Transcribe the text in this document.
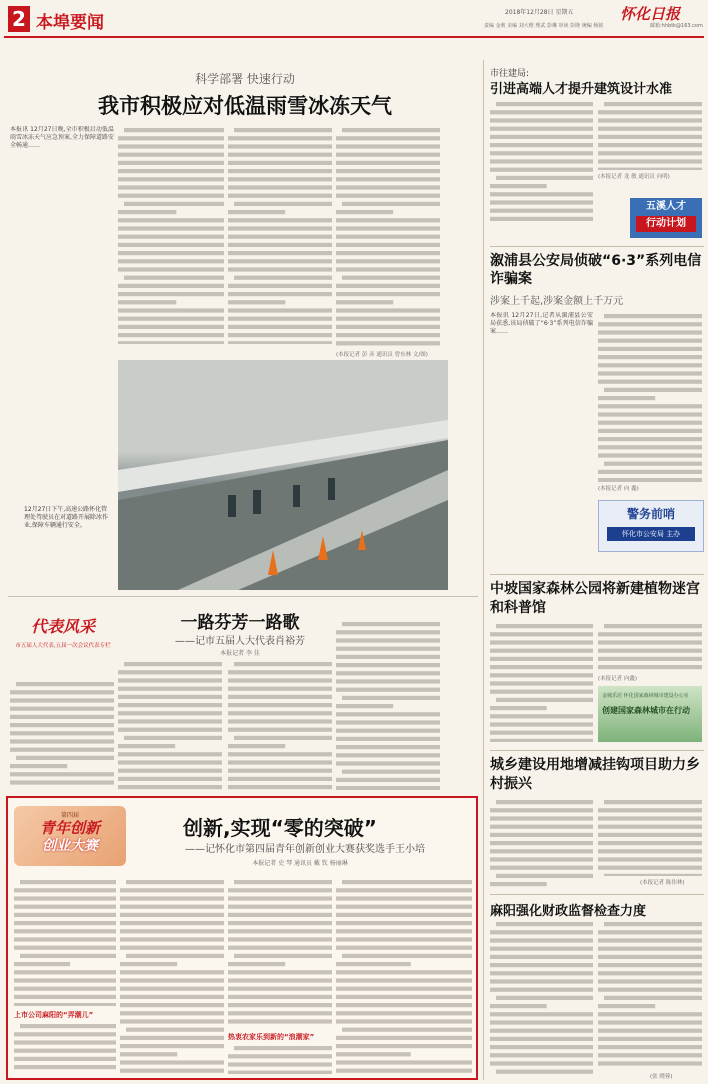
2 本埠要闻
2018年12月28日 星期五	怀化日报
责编 金莉 美编 刘大维 理武 彭琳 审读 彭隆 统编 杨铭	邮箱:hhbtk@163.com
科学部署 快速行动
我市积极应对低温雨雪冰冻天气
本报讯 12月27日晚,全市积极启动低温雨雪冰冻天气应急预案,全力保障道路安全畅通……
(本报记者 彭 彦 通讯员 曾东林 文/图)
12月27日下午,高速公路怀化管理处驾驶员在对道路开展除冰作业,保障车辆通行安全。
市往建局:
引进高端人才提升建筑设计水准
(本报记者 龙 敏 通讯员 向明)
五溪人才
行动计划
溆浦县公安局侦破“6·3”系列电信诈骗案
涉案上千起,涉案金额上千万元
本报讯 12月27日,记者从溆浦县公安局获悉,该局侦破了“6·3”系列电信诈骗案……
(本报记者 向 鑫)
警务前哨
怀化市公安局 主办
中坡国家森林公园将新建植物迷宫和科普馆
(本报记者 向鑫)
金城乐居 怀化国家森林城市建设办公室
创建国家森林城市在行动
城乡建设用地增减挂钩项目助力乡村振兴
(本报记者 陈伟林)
麻阳强化财政监督检查力度
(张 晓蓉)
代表风采
市五届人大代表,五届一次会议代表专栏
一路芬芳一路歌
——记市五届人大代表肖裕芳
本报记者 李 佳
第四届
青年创新
创业大赛
创新,实现“零的突破”
——记怀化市第四届青年创新创业大赛获奖选手王小培
本报记者 史 琴 通讯员 戴 钦 杨丽琳
上市公司麻阳的“弄潮儿”
热衷农家乐到新的“浪潮家”
